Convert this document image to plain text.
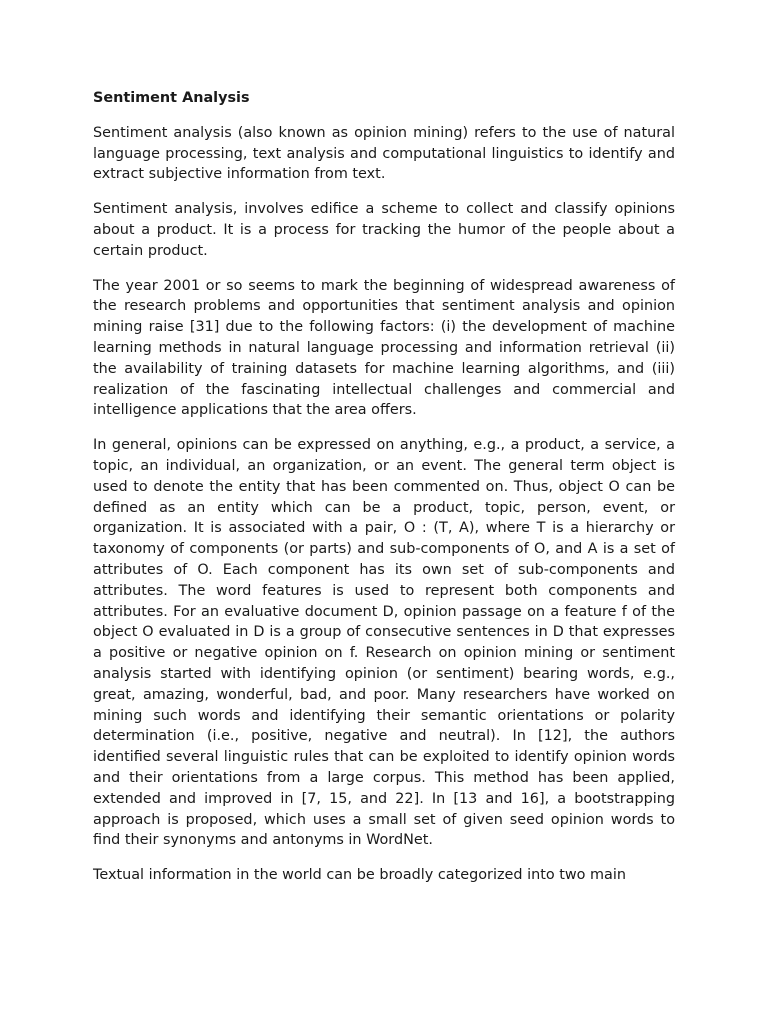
Sentiment Analysis

Sentiment analysis (also known as opinion mining) refers to the use of natural language processing, text analysis and computational linguistics to identify and extract subjective information from text.

Sentiment analysis, involves edifice a scheme to collect and classify opinions about a product. It is a process for tracking the humor of the people about a certain product.

The year 2001 or so seems to mark the beginning of widespread awareness of the research problems and opportunities that sentiment analysis and opinion mining raise [31] due to the following factors: (i) the development of machine learning methods in natural language processing and information retrieval (ii) the availability of training datasets for machine learning algorithms, and (iii) realization of the fascinating intellectual challenges and commercial and intelligence applications that the area offers.

In general, opinions can be expressed on anything, e.g., a product, a service, a topic, an individual, an organization, or an event. The general term object is used to denote the entity that has been commented on. Thus, object O can be defined as an entity which can be a product, topic, person, event, or organization. It is associated with a pair, O : (T, A), where T is a hierarchy or taxonomy of components (or parts) and sub-components of O, and A is a set of attributes of O. Each component has its own set of sub-components and attributes. The word features is used to represent both components and attributes. For an evaluative document D, opinion passage on a feature f of the object O evaluated in D is a group of consecutive sentences in D that expresses a positive or negative opinion on f. Research on opinion mining or sentiment analysis started with identifying opinion (or sentiment) bearing words, e.g., great, amazing, wonderful, bad, and poor. Many researchers have worked on mining such words and identifying their semantic orientations or polarity determination (i.e., positive, negative and neutral). In [12], the authors identified several linguistic rules that can be exploited to identify opinion words and their orientations from a large corpus. This method has been applied, extended and improved in [7, 15, and 22]. In [13 and 16], a bootstrapping approach is proposed, which uses a small set of given seed opinion words to find their synonyms and antonyms in WordNet.

Textual information in the world can be broadly categorized into two main
